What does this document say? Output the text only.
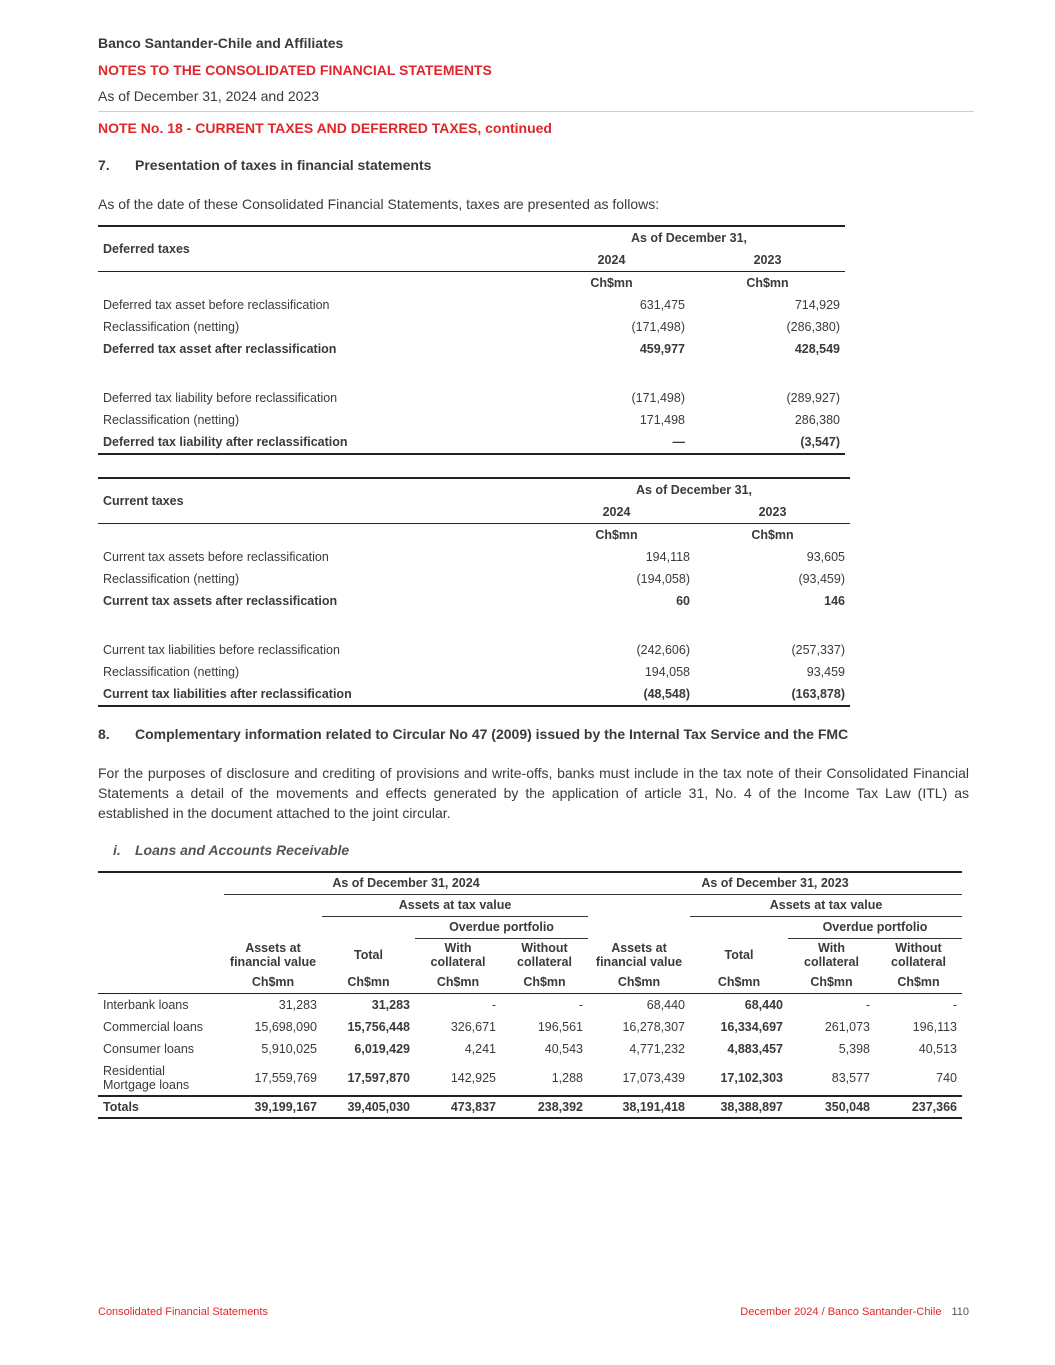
Banco Santander-Chile and Affiliates
NOTES TO THE CONSOLIDATED FINANCIAL STATEMENTS
As of December 31, 2024 and 2023
NOTE No. 18 - CURRENT TAXES AND DEFERRED TAXES, continued
7. Presentation of taxes in financial statements
As of the date of these Consolidated Financial Statements, taxes are presented as follows:
Deferred taxes	As of December 31,	
	2024	2023
	Ch$mn	Ch$mn
Deferred tax asset before reclassification	631,475	714,929
Reclassification (netting)	(171,498)	(286,380)
Deferred tax asset after reclassification	459,977	428,549

Deferred tax liability before reclassification	(171,498)	(289,927)
Reclassification (netting)	171,498	286,380
Deferred tax liability after reclassification	—	(3,547)
Current taxes	As of December 31,	
	2024	2023
	Ch$mn	Ch$mn
Current tax assets before reclassification	194,118	93,605
Reclassification (netting)	(194,058)	(93,459)
Current tax assets after reclassification	60	146

Current tax liabilities before reclassification	(242,606)	(257,337)
Reclassification (netting)	194,058	93,459
Current tax liabilities after reclassification	(48,548)	(163,878)
8. Complementary information related to Circular No 47 (2009) issued by the Internal Tax Service and the FMC
For the purposes of disclosure and crediting of provisions and write-offs, banks must include in the tax note of their Consolidated Financial Statements a detail of the movements and effects generated by the application of article 31, No. 4 of the Income Tax Law (ITL) as established in the document attached to the joint circular.
i. Loans and Accounts Receivable
	As of December 31, 2024				As of December 31, 2023			
		Assets at tax value				Assets at tax value		
			Overdue portfolio				Overdue portfolio	
	Assets at financial value	Total	With collateral	Without collateral	Assets at financial value	Total	With collateral	Without collateral
	Ch$mn	Ch$mn	Ch$mn	Ch$mn	Ch$mn	Ch$mn	Ch$mn	Ch$mn
Interbank loans	31,283	31,283	-	-	68,440	68,440	-	-
Commercial loans	15,698,090	15,756,448	326,671	196,561	16,278,307	16,334,697	261,073	196,113
Consumer loans	5,910,025	6,019,429	4,241	40,543	4,771,232	4,883,457	5,398	40,513
Residential Mortgage loans	17,559,769	17,597,870	142,925	1,288	17,073,439	17,102,303	83,577	740
Totals	39,199,167	39,405,030	473,837	238,392	38,191,418	38,388,897	350,048	237,366
Consolidated Financial Statements	December 2024 / Banco Santander-Chile 110
